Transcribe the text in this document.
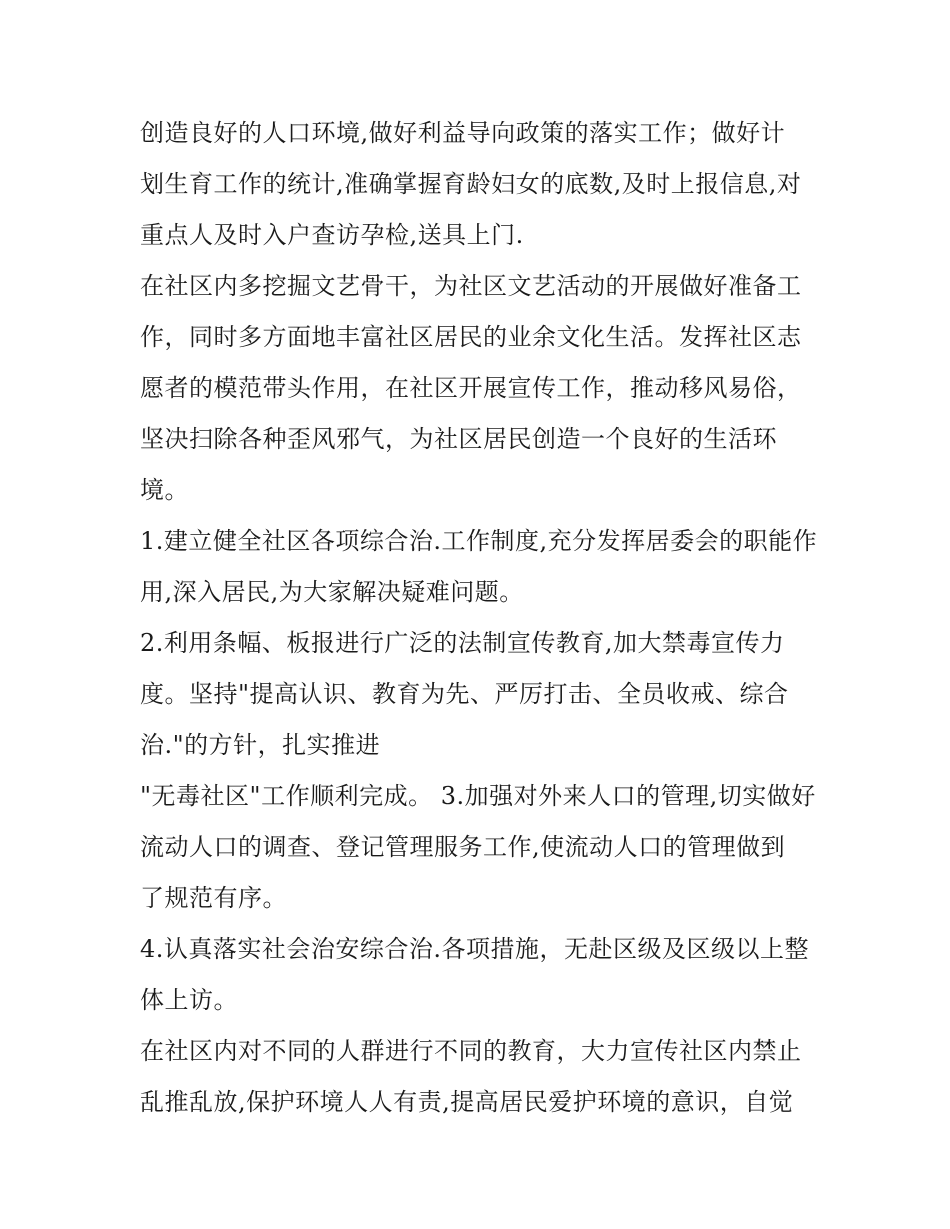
创造良好的人口环境,做好利益导向政策的落实工作；做好计
划生育工作的统计,准确掌握育龄妇女的底数,及时上报信息,对
重点人及时入户查访孕检,送具上门.
在社区内多挖掘文艺骨干，为社区文艺活动的开展做好准备工
作，同时多方面地丰富社区居民的业余文化生活。发挥社区志
愿者的模范带头作用，在社区开展宣传工作，推动移风易俗，
坚决扫除各种歪风邪气，为社区居民创造一个良好的生活环
境。
1.建立健全社区各项综合治.工作制度,充分发挥居委会的职能作
用,深入居民,为大家解决疑难问题。
2.利用条幅、板报进行广泛的法制宣传教育,加大禁毒宣传力
度。坚持"提高认识、教育为先、严厉打击、全员收戒、综合
治."的方针，扎实推进
"无毒社区"工作顺利完成。 3.加强对外来人口的管理,切实做好
流动人口的调查、登记管理服务工作,使流动人口的管理做到
了规范有序。
4.认真落实社会治安综合治.各项措施，无赴区级及区级以上整
体上访。
在社区内对不同的人群进行不同的教育，大力宣传社区内禁止
乱推乱放,保护环境人人有责,提高居民爱护环境的意识，自觉
